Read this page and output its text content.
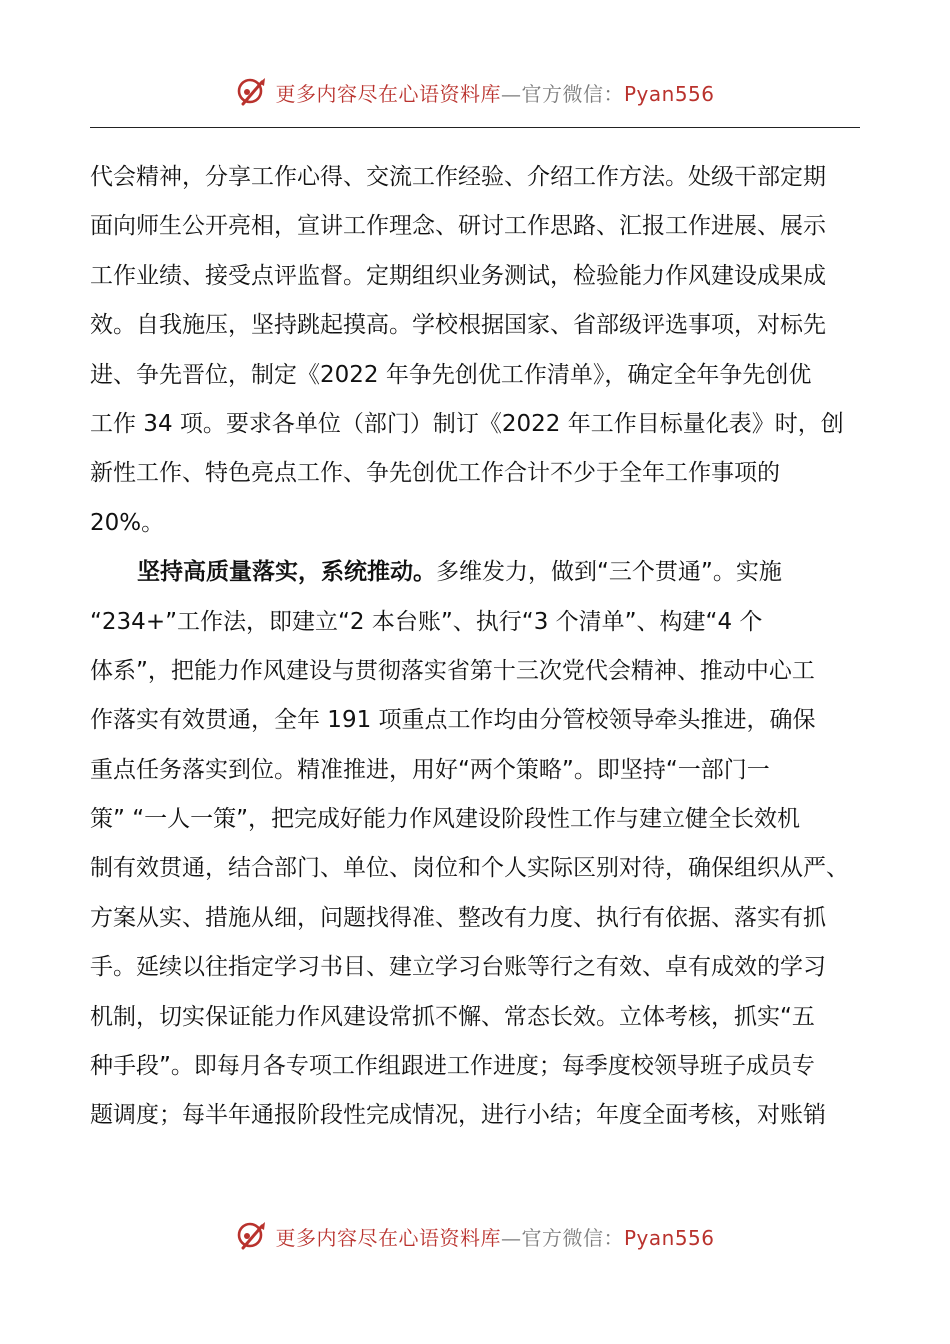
更多内容尽在心语资料库—官方微信：Pyan556
代会精神，分享工作心得、交流工作经验、介绍工作方法。处级干部定期
面向师生公开亮相，宣讲工作理念、研讨工作思路、汇报工作进展、展示
工作业绩、接受点评监督。定期组织业务测试，检验能力作风建设成果成
效。自我施压，坚持跳起摸高。学校根据国家、省部级评选事项，对标先
进、争先晋位，制定《2022 年争先创优工作清单》，确定全年争先创优
工作 34 项。要求各单位（部门）制订《2022 年工作目标量化表》时，创
新性工作、特色亮点工作、争先创优工作合计不少于全年工作事项的
20%。
坚持高质量落实，系统推动。多维发力，做到“三个贯通”。实施
“234+”工作法，即建立“2 本台账”、执行“3 个清单”、构建“4 个
体系”，把能力作风建设与贯彻落实省第十三次党代会精神、推动中心工
作落实有效贯通，全年 191 项重点工作均由分管校领导牵头推进，确保
重点任务落实到位。精准推进，用好“两个策略”。即坚持“一部门一
策” “一人一策”，把完成好能力作风建设阶段性工作与建立健全长效机
制有效贯通，结合部门、单位、岗位和个人实际区别对待，确保组织从严、
方案从实、措施从细，问题找得准、整改有力度、执行有依据、落实有抓
手。延续以往指定学习书目、建立学习台账等行之有效、卓有成效的学习
机制，切实保证能力作风建设常抓不懈、常态长效。立体考核，抓实“五
种手段”。即每月各专项工作组跟进工作进度；每季度校领导班子成员专
题调度；每半年通报阶段性完成情况，进行小结；年度全面考核，对账销
更多内容尽在心语资料库—官方微信：Pyan556
